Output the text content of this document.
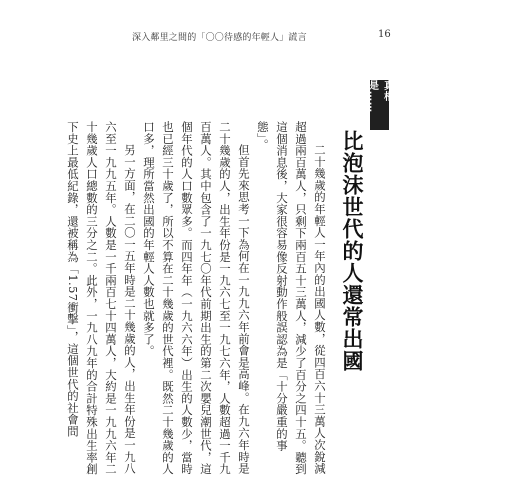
深入鄰里之間的「〇〇待感的年輕人」謊言	16
真相是……
比泡沫世代的人還常出國

二十幾歲的年輕人一年內的出國人數，從四百六十三萬人次銳減超過兩百萬人，只剩下兩百五十三萬人，減少了百分之四十五。聽到這個消息後，大家很容易像反射動作般誤認為是「十分嚴重的事態」。

但首先來思考一下為何在一九九六年前會是高峰。在九六年時是二十幾歲的人，出生年份是一九六七至一九七六年，人數超過一千九百萬人。其中包含了一九七〇年代前期出生的第二次嬰兒潮世代，這個年代的人口數眾多。而四年年（一九六六年）出生的人數少，當時也已經三十歲了，所以不算在二十幾歲的世代裡。既然二十幾歲的人口多，理所當然出國的年輕人人數也就多了。

另一方面，在二〇一五年時是二十幾歲的人，出生年份是一九八六至一九九五年。人數是一千兩百七十四萬人，大約是一九九六年二十幾歲人口總數的三分之二。此外，一九八九年的合計特殊出生率創下史上最低紀錄，還被稱為「1.57衝擊」，這個世代的社會問
